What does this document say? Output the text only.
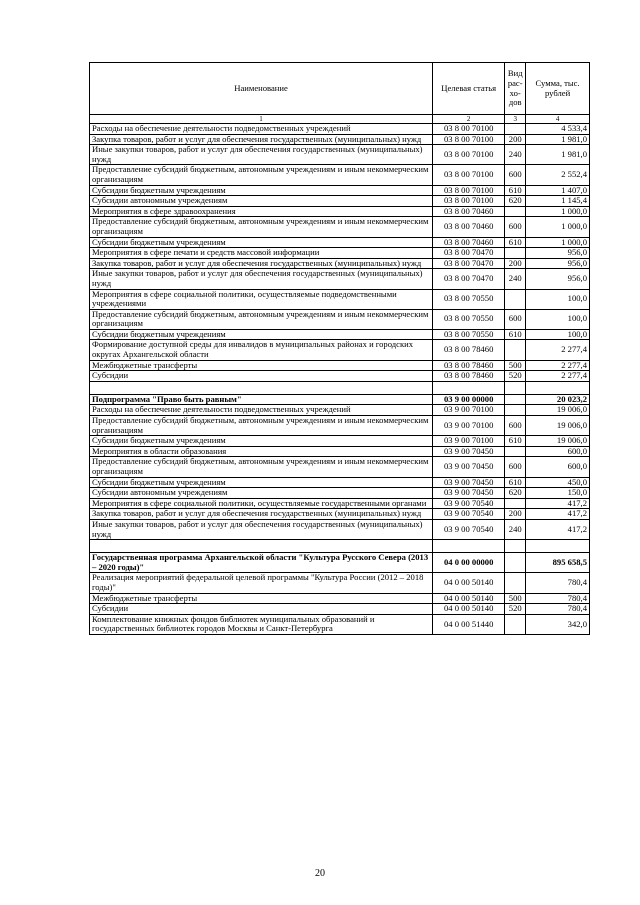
Наименование	Целевая статья	Вид рас-хо-дов	Сумма, тыс. рублей
1	2	3	4
Расходы на обеспечение деятельности подведомственных учреждений	03 8 00 70100		4 533,4
Закупка товаров, работ и услуг для обеспечения государственных (муниципальных) нужд	03 8 00 70100	200	1 981,0
Иные закупки товаров, работ и услуг для обеспечения государственных (муниципальных) нужд	03 8 00 70100	240	1 981,0
Предоставление субсидий бюджетным, автономным учреждениям и иным некоммерческим организациям	03 8 00 70100	600	2 552,4
Субсидии бюджетным учреждениям	03 8 00 70100	610	1 407,0
Субсидии автономным учреждениям	03 8 00 70100	620	1 145,4
Мероприятия в сфере здравоохранения	03 8 00 70460		1 000,0
Предоставление субсидий бюджетным, автономным учреждениям и иным некоммерческим организациям	03 8 00 70460	600	1 000,0
Субсидии бюджетным учреждениям	03 8 00 70460	610	1 000,0
Мероприятия в сфере печати и средств массовой информации	03 8 00 70470		956,0
Закупка товаров, работ и услуг для обеспечения государственных (муниципальных) нужд	03 8 00 70470	200	956,0
Иные закупки товаров, работ и услуг для обеспечения государственных (муниципальных) нужд	03 8 00 70470	240	956,0
Мероприятия в сфере социальной политики, осуществляемые подведомственными учреждениями	03 8 00 70550		100,0
Предоставление субсидий бюджетным, автономным учреждениям и иным некоммерческим организациям	03 8 00 70550	600	100,0
Субсидии бюджетным учреждениям	03 8 00 70550	610	100,0
Формирование доступной среды для инвалидов в муниципальных районах и городских округах Архангельской области	03 8 00 78460		2 277,4
Межбюджетные трансферты	03 8 00 78460	500	2 277,4
Субсидии	03 8 00 78460	520	2 277,4

Подпрограмма "Право быть равным"	03 9 00 00000		20 023,2
Расходы на обеспечение деятельности подведомственных учреждений	03 9 00 70100		19 006,0
Предоставление субсидий бюджетным, автономным учреждениям и иным некоммерческим организациям	03 9 00 70100	600	19 006,0
Субсидии бюджетным учреждениям	03 9 00 70100	610	19 006,0
Мероприятия в области образования	03 9 00 70450		600,0
Предоставление субсидий бюджетным, автономным учреждениям и иным некоммерческим организациям	03 9 00 70450	600	600,0
Субсидии бюджетным учреждениям	03 9 00 70450	610	450,0
Субсидии автономным учреждениям	03 9 00 70450	620	150,0
Мероприятия в сфере социальной политики, осуществляемые государственными органами	03 9 00 70540		417,2
Закупка товаров, работ и услуг для обеспечения государственных (муниципальных) нужд	03 9 00 70540	200	417,2
Иные закупки товаров, работ и услуг для обеспечения государственных (муниципальных) нужд	03 9 00 70540	240	417,2

Государственная программа Архангельской области "Культура Русского Севера (2013 – 2020 годы)"	04 0 00 00000		895 658,5
Реализация мероприятий федеральной целевой программы "Культура России (2012 – 2018 годы)"	04 0 00 50140		780,4
Межбюджетные трансферты	04 0 00 50140	500	780,4
Субсидии	04 0 00 50140	520	780,4
Комплектование книжных фондов библиотек муниципальных образований и государственных библиотек городов Москвы и Санкт-Петербурга	04 0 00 51440		342,0
20
